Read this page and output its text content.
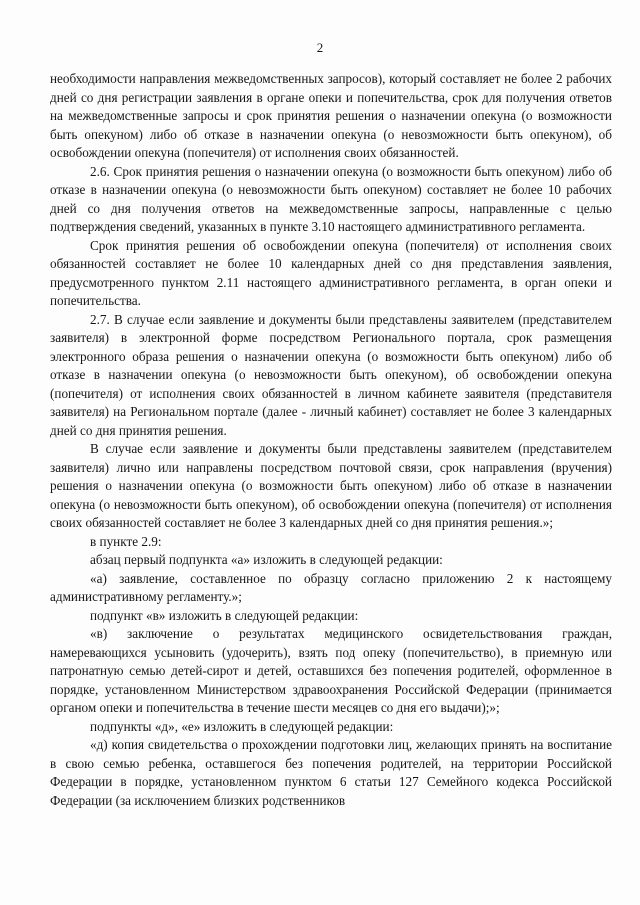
2

необходимости направления межведомственных запросов), который составляет не более 2 рабочих дней со дня регистрации заявления в органе опеки и попечительства, срок для получения ответов на межведомственные запросы и срок принятия решения о назначении опекуна (о возможности быть опекуном) либо об отказе в назначении опекуна (о невозможности быть опекуном), об освобождении опекуна (попечителя) от исполнения своих обязанностей.

2.6. Срок принятия решения о назначении опекуна (о возможности быть опекуном) либо об отказе в назначении опекуна (о невозможности быть опекуном) составляет не более 10 рабочих дней со дня получения ответов на межведомственные запросы, направленные с целью подтверждения сведений, указанных в пункте 3.10 настоящего административного регламента.

Срок принятия решения об освобождении опекуна (попечителя) от исполнения своих обязанностей составляет не более 10 календарных дней со дня представления заявления, предусмотренного пунктом 2.11 настоящего административного регламента, в орган опеки и попечительства.

2.7. В случае если заявление и документы были представлены заявителем (представителем заявителя) в электронной форме посредством Регионального портала, срок размещения электронного образа решения о назначении опекуна (о возможности быть опекуном) либо об отказе в назначении опекуна (о невозможности быть опекуном), об освобождении опекуна (попечителя) от исполнения своих обязанностей в личном кабинете заявителя (представителя заявителя) на Региональном портале (далее - личный кабинет) составляет не более 3 календарных дней со дня принятия решения.

В случае если заявление и документы были представлены заявителем (представителем заявителя) лично или направлены посредством почтовой связи, срок направления (вручения) решения о назначении опекуна (о возможности быть опекуном) либо об отказе в назначении опекуна (о невозможности быть опекуном), об освобождении опекуна (попечителя) от исполнения своих обязанностей составляет не более 3 календарных дней со дня принятия решения.»;

в пункте 2.9:

абзац первый подпункта «а» изложить в следующей редакции:

«а) заявление, составленное по образцу согласно приложению 2 к настоящему административному регламенту.»;

подпункт «в» изложить в следующей редакции:

«в) заключение о результатах медицинского освидетельствования граждан, намеревающихся усыновить (удочерить), взять под опеку (попечительство), в приемную или патронатную семью детей-сирот и детей, оставшихся без попечения родителей, оформленное в порядке, установленном Министерством здравоохранения Российской Федерации (принимается органом опеки и попечительства в течение шести месяцев со дня его выдачи);»;

подпункты «д», «е» изложить в следующей редакции:

«д) копия свидетельства о прохождении подготовки лиц, желающих принять на воспитание в свою семью ребенка, оставшегося без попечения родителей, на территории Российской Федерации в порядке, установленном пунктом 6 статьи 127 Семейного кодекса Российской Федерации (за исключением близких родственников
